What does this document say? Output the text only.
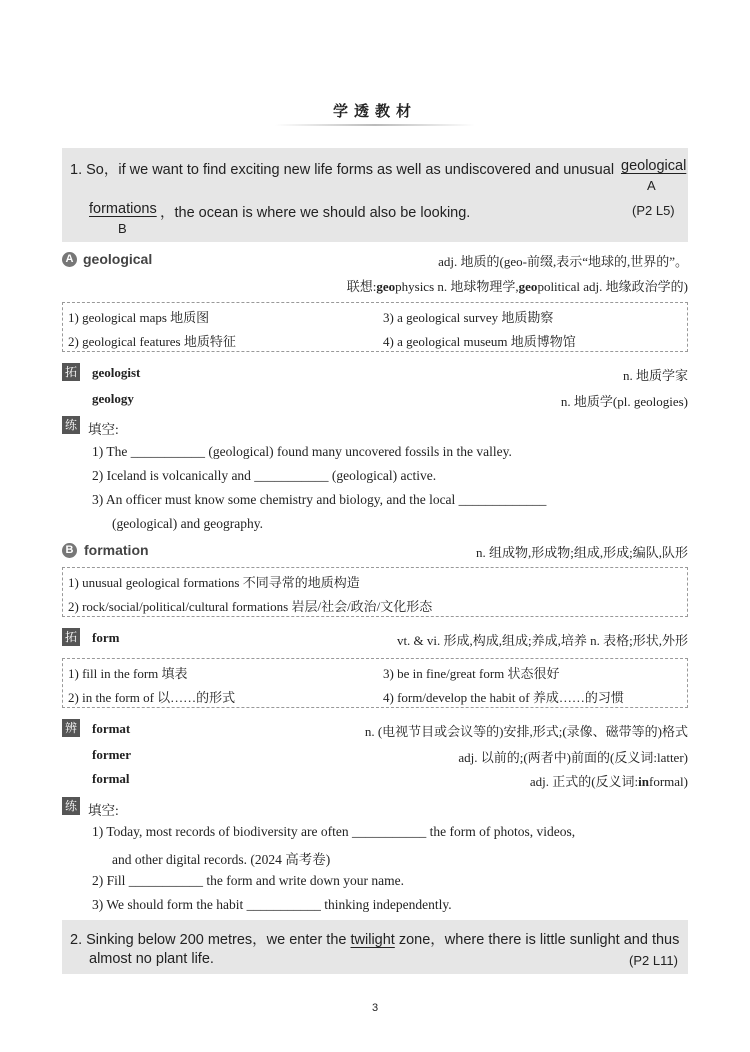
学透教材
1. So，if we want to find exciting new life forms as well as undiscovered and unusual geological
A
formations ，the ocean is where we should also be looking.
B
(P2 L5)
A geological	adj. 地质的(geo-前缀,表示“地球的,世界的”。
联想:geophysics n. 地球物理学,geopolitical adj. 地缘政治学的)
1) geological maps 地质图	3) a geological survey 地质勘察
2) geological features 地质特征	4) a geological museum 地质博物馆
拓 geologist	n. 地质学家
geology	n. 地质学(pl. geologies)
练 填空:
1) The ___________ (geological) found many uncovered fossils in the valley.
2) Iceland is volcanically and ___________ (geological) active.
3) An officer must know some chemistry and biology, and the local _____________
(geological) and geography.
B formation	n. 组成物,形成物;组成,形成;编队,队形
1) unusual geological formations 不同寻常的地质构造
2) rock/social/political/cultural formations 岩层/社会/政治/文化形态
拓 form	vt. & vi. 形成,构成,组成;养成,培养 n. 表格;形状,外形
1) fill in the form 填表	3) be in fine/great form 状态很好
2) in the form of 以……的形式	4) form/develop the habit of 养成……的习惯
辨 format	n. (电视节目或会议等的)安排,形式;(录像、磁带等的)格式
former	adj. 以前的;(两者中)前面的(反义词:latter)
formal	adj. 正式的(反义词:informal)
练 填空:
1) Today, most records of biodiversity are often ___________ the form of photos, videos,
and other digital records. (2024 高考卷)
2) Fill ___________ the form and write down your name.
3) We should form the habit ___________ thinking independently.
2. Sinking below 200 metres，we enter the twilight zone，where there is little sunlight and thus
almost no plant life.	(P2 L11)
3
